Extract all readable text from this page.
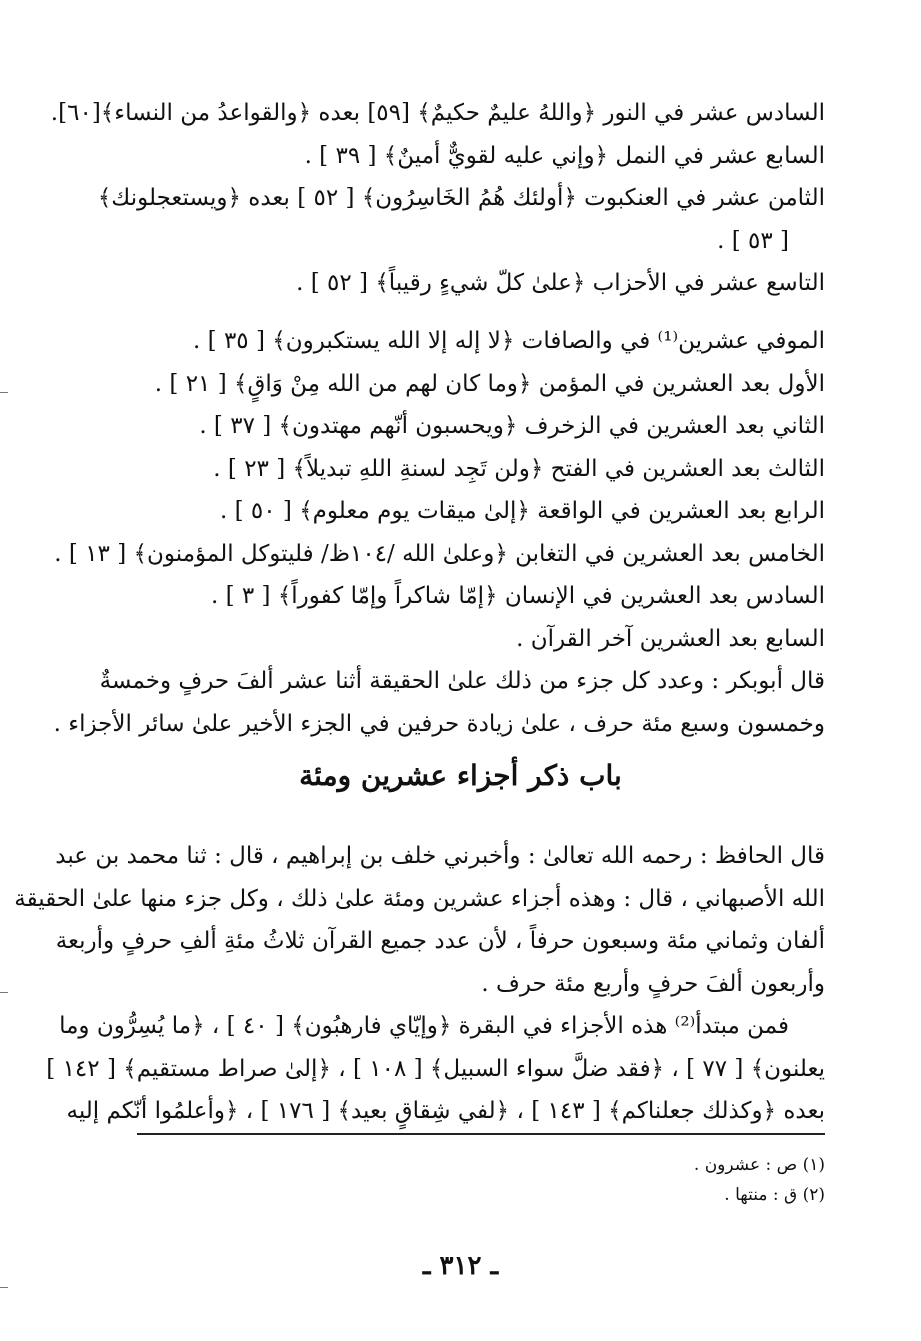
السادس عشر في النور ﴿واللهُ عليمٌ حكيمٌ﴾ [٥٩] بعده ﴿والقواعدُ من النساء﴾[٦٠].
السابع عشر في النمل ﴿وإني عليه لقويٌّ أمينٌ﴾ [ ٣٩ ] .
الثامن عشر في العنكبوت ﴿أولئك هُمُ الخَاسِرُون﴾ [ ٥٢ ] بعده ﴿ويستعجلونك﴾
[ ٥٣ ] .
التاسع عشر في الأحزاب ﴿علىٰ كلّ شيءٍ رقيباً﴾ [ ٥٢ ] .
الموفي عشرين⁽¹⁾ في والصافات ﴿لا إله إلا الله يستكبرون﴾ [ ٣٥ ] .
الأول بعد العشرين في المؤمن ﴿وما كان لهم من الله مِنْ وَاقٍ﴾ [ ٢١ ] .
الثاني بعد العشرين في الزخرف ﴿ويحسبون أنّهم مهتدون﴾ [ ٣٧ ] .
الثالث بعد العشرين في الفتح ﴿ولن تَجِد لسنةِ اللهِ تبديلاً﴾ [ ٢٣ ] .
الرابع بعد العشرين في الواقعة ﴿إلىٰ ميقات يوم معلوم﴾ [ ٥٠ ] .
الخامس بعد العشرين في التغابن ﴿وعلىٰ الله /١٠٤ظ/ فليتوكل المؤمنون﴾ [ ١٣ ] .
السادس بعد العشرين في الإنسان ﴿إمّا شاكراً وإمّا كفوراً﴾ [ ٣ ] .
السابع بعد العشرين آخر القرآن .
قال أبوبكر : وعدد كل جزء من ذلك علىٰ الحقيقة أثنا عشر ألفَ حرفٍ وخمسةٌ
وخمسون وسبع مئة حرف ، علىٰ زيادة حرفين في الجزء الأخير علىٰ سائر الأجزاء .
باب ذكر أجزاء عشرين ومئة
قال الحافظ : رحمه الله تعالىٰ : وأخبرني خلف بن إبراهيم ، قال : ثنا محمد بن عبد
الله الأصبهاني ، قال : وهذه أجزاء عشرين ومئة علىٰ ذلك ، وكل جزء منها علىٰ الحقيقة
ألفان وثماني مئة وسبعون حرفاً ، لأن عدد جميع القرآن ثلاثُ مئةِ ألفِ حرفٍ وأربعة
وأربعون ألفَ حرفٍ وأربع مئة حرف .
فمن مبتدأ⁽²⁾ هذه الأجزاء في البقرة ﴿وإيّاي فارهبُون﴾ [ ٤٠ ] ، ﴿ما يُسِرُّون وما
يعلنون﴾ [ ٧٧ ] ، ﴿فقد ضلَّ سواء السبيل﴾ [ ١٠٨ ] ، ﴿إلىٰ صراط مستقيم﴾ [ ١٤٢ ]
بعده ﴿وكذلك جعلناكم﴾ [ ١٤٣ ] ، ﴿لفي شِقاقٍ بعيد﴾ [ ١٧٦ ] ، ﴿وأعلمُوا أنّكم إليه
(١) ص : عشرون .
(٢) ق : منتها .
ـ ٣١٢ ـ
